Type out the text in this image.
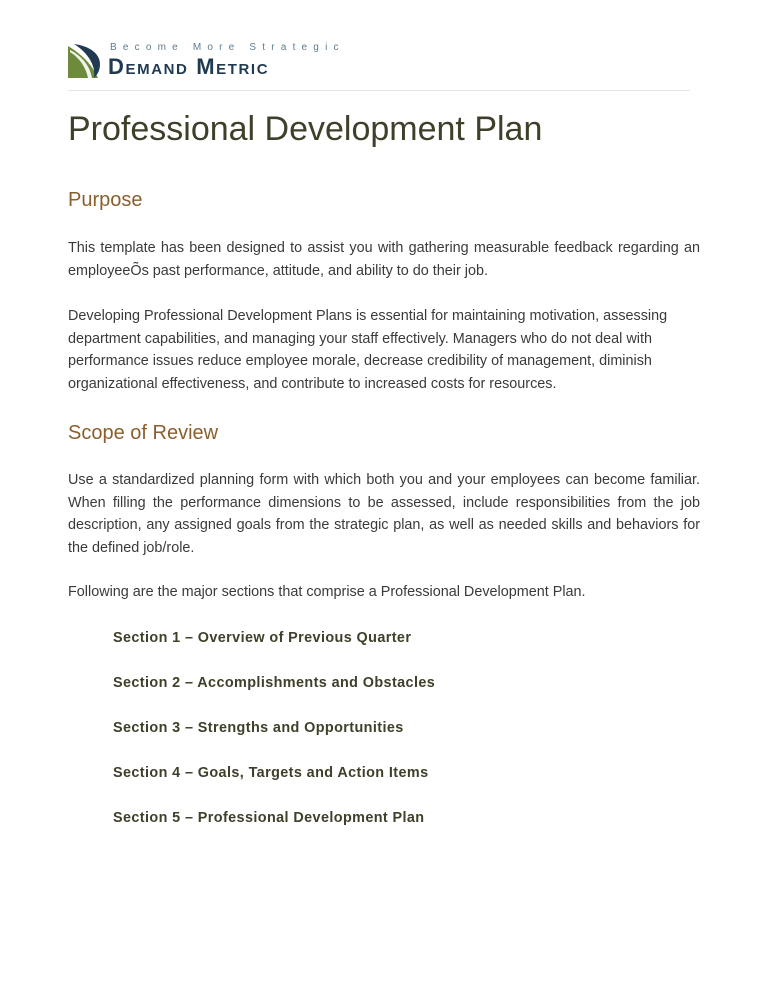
Become More Strategic
Demand Metric
Professional Development Plan
Purpose

This template has been designed to assist you with gathering measurable feedback regarding an employeeÕs past performance, attitude, and ability to do their job.

Developing Professional Development Plans is essential for maintaining motivation, assessing department capabilities, and managing your staff effectively. Managers who do not deal with performance issues reduce employee morale, decrease credibility of management, diminish organizational effectiveness, and contribute to increased costs for resources.

Scope of Review

Use a standardized planning form with which both you and your employees can become familiar. When filling the performance dimensions to be assessed, include responsibilities from the job description, any assigned goals from the strategic plan, as well as needed skills and behaviors for the defined job/role.

Following are the major sections that comprise a Professional Development Plan.

Section 1 – Overview of Previous Quarter

Section 2 – Accomplishments and Obstacles

Section 3 – Strengths and Opportunities

Section 4 – Goals, Targets and Action Items

Section 5 – Professional Development Plan
